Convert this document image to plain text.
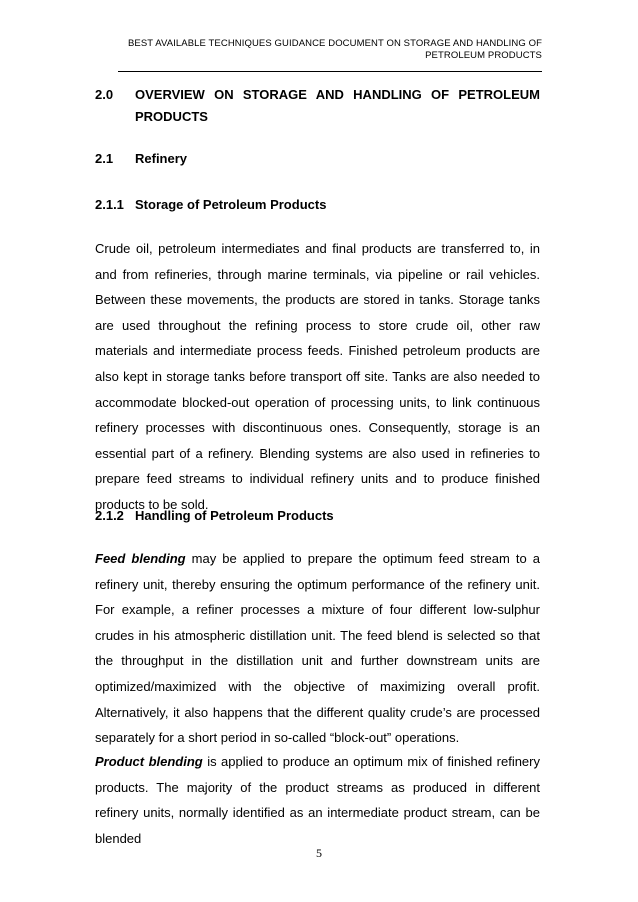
BEST AVAILABLE TECHNIQUES GUIDANCE DOCUMENT ON STORAGE AND HANDLING OF
PETROLEUM PRODUCTS
2.0 OVERVIEW ON STORAGE AND HANDLING OF PETROLEUM
PRODUCTS
2.1	Refinery
2.1.1 Storage of Petroleum Products
Crude oil, petroleum intermediates and final products are transferred to, in and from refineries, through marine terminals, via pipeline or rail vehicles. Between these movements, the products are stored in tanks. Storage tanks are used throughout the refining process to store crude oil, other raw materials and intermediate process feeds. Finished petroleum products are also kept in storage tanks before transport off site. Tanks are also needed to accommodate blocked-out operation of processing units, to link continuous refinery processes with discontinuous ones. Consequently, storage is an essential part of a refinery. Blending systems are also used in refineries to prepare feed streams to individual refinery units and to produce finished products to be sold.
2.1.2 Handling of Petroleum Products
Feed blending may be applied to prepare the optimum feed stream to a refinery unit, thereby ensuring the optimum performance of the refinery unit. For example, a refiner processes a mixture of four different low-sulphur crudes in his atmospheric distillation unit. The feed blend is selected so that the throughput in the distillation unit and further downstream units are optimized/maximized with the objective of maximizing overall profit. Alternatively, it also happens that the different quality crude’s are processed separately for a short period in so-called “block-out” operations.
Product blending is applied to produce an optimum mix of finished refinery products. The majority of the product streams as produced in different refinery units, normally identified as an intermediate product stream, can be blended
5
